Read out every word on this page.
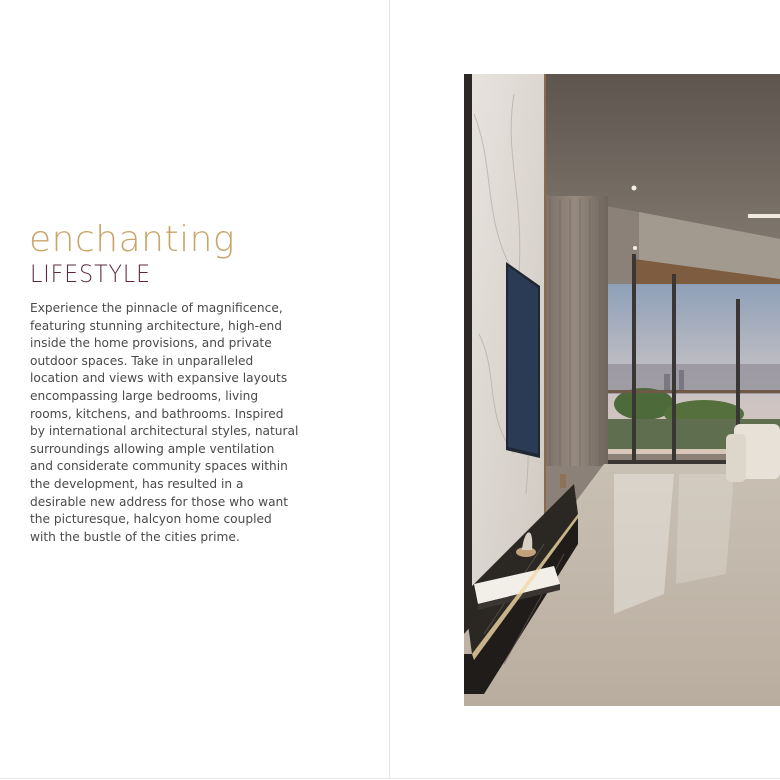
enchanting
LIFESTYLE
Experience the pinnacle of magnificence, featuring stunning architecture, high-end inside the home provisions, and private outdoor spaces. Take in unparalleled location and views with expansive layouts encompassing large bedrooms, living rooms, kitchens, and bathrooms. Inspired by international architectural styles, natural surroundings allowing ample ventilation and considerate community spaces within the development, has resulted in a desirable new address for those who want the picturesque, halcyon home coupled with the bustle of the cities prime.
